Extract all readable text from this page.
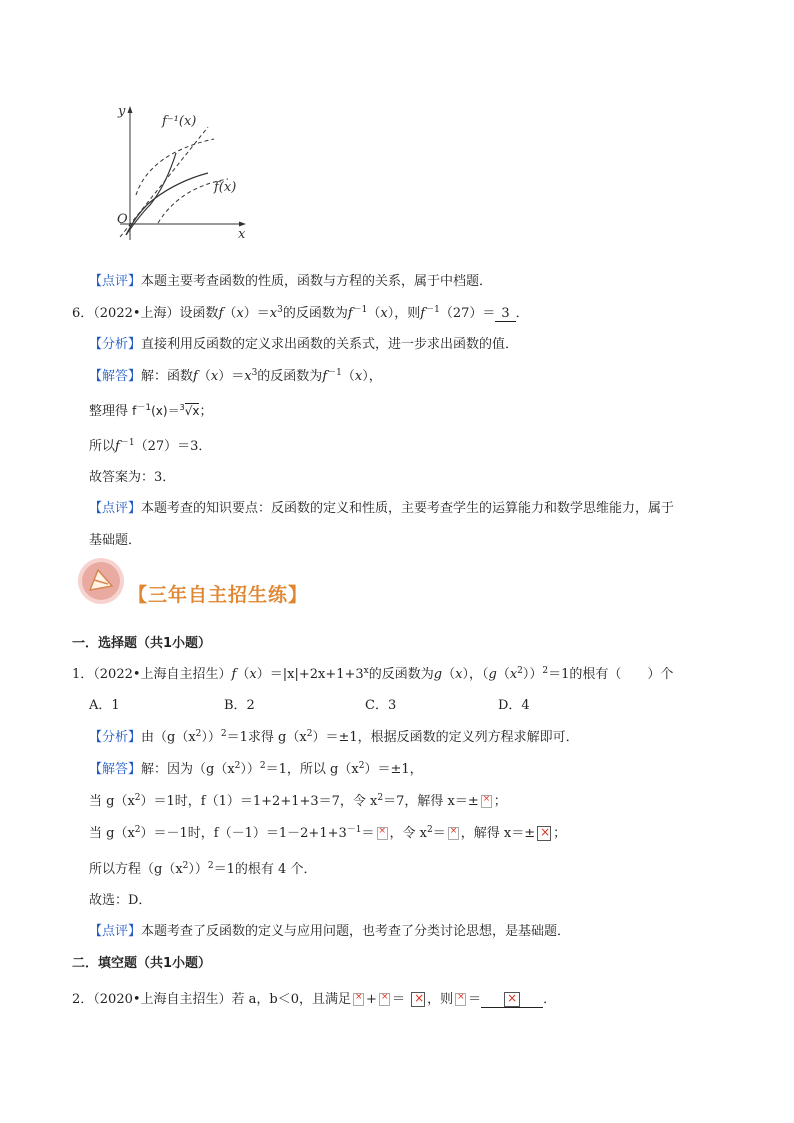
y
x
O
f⁻¹(x)
f(x)
【点评】本题主要考查函数的性质，函数与方程的关系，属于中档题．
6．（2022•上海）设函数$f(x)=x^3$的反函数为$f^{-1}(x)$，则$f^{-1}(27)= 3$ ．
【分析】直接利用反函数的定义求出函数的关系式，进一步求出函数的值．
【解答】解：函数$f(x)=x^3$的反函数为$f^{-1}(x)$，
整理得 $f^{-1}(x)=^3√x$；
所以$f^{-1}(27)=3$．
故答案为：3．
【点评】本题考查的知识要点：反函数的定义和性质，主要考查学生的运算能力和数学思维能力，属于
基础题．
【三年自主招生练】
一．选择题（共1小题）
1．（2022•上海自主招生）$f(x)=|x|+2x+1+3^x$的反函数为g（x），$(g(x^2))^2=1$的根有（　　）个
A．1	B．2	C．3	D．4
【分析】由$(g(x^2))^2=1$求得 $g(x^2)=\pm 1$，根据反函数的定义列方程求解即可．
【解答】解：因为$(g(x^2))^2=1$，所以 $g(x^2)=\pm 1$，
当 $g(x^2)=1$时，f（1）＝1+2+1+3＝7，令 $x^2=7$，解得 x＝±× ；
当 $g(x^2)=-1$时，$f(-1)=1-2+1+3^{-1}=\times$ ，令 $x^2=\times$ ，解得 x＝±× ；
所以方程$(g(x^2))^2=1$的根有 4 个．
故选：D．
【点评】本题考查了反函数的定义与应用问题，也考查了分类讨论思想，是基础题．
二．填空题（共1小题）
2．（2020•上海自主招生）若 a，b＜0，且满足× +× ＝ × ，则× ＝×	．
